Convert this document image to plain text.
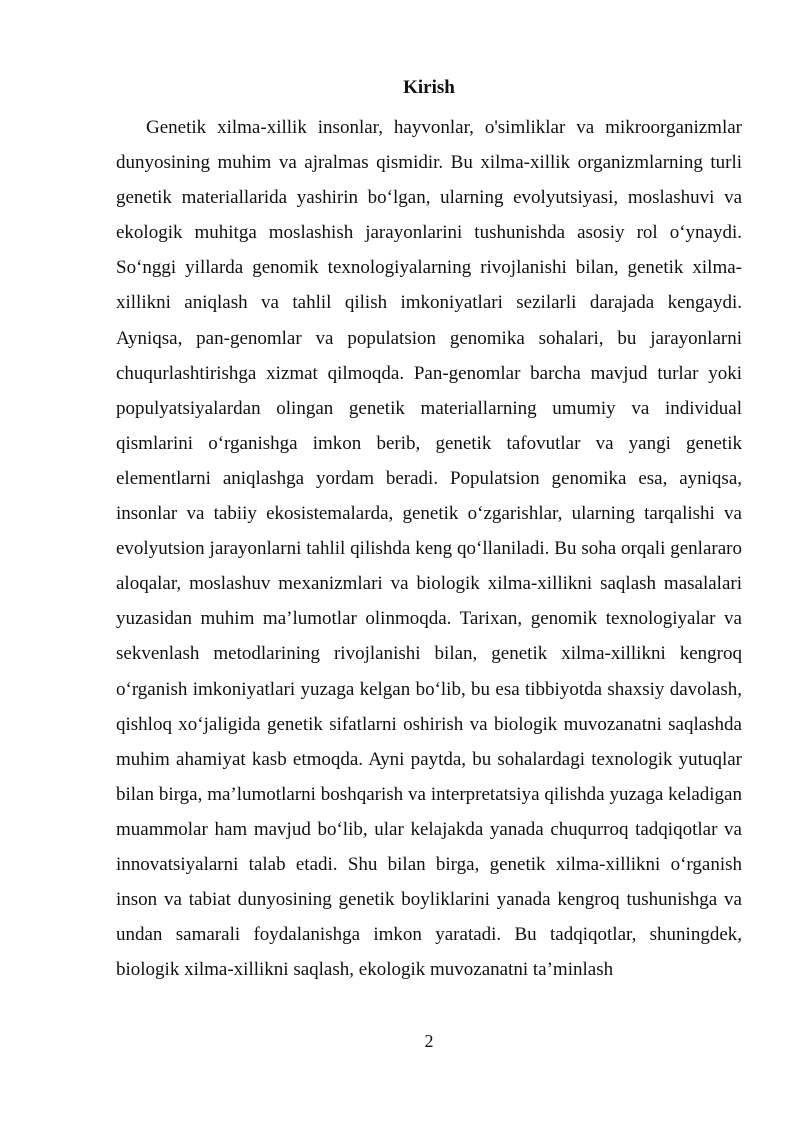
Kirish

Genetik xilma-xillik insonlar, hayvonlar, o'simliklar va mikroorganizmlar dunyosining muhim va ajralmas qismidir. Bu xilma-xillik organizmlarning turli genetik materiallarida yashirin bo‘lgan, ularning evolyutsiyasi, moslashuvi va ekologik muhitga moslashish jarayonlarini tushunishda asosiy rol o‘ynaydi. So‘nggi yillarda genomik texnologiyalarning rivojlanishi bilan, genetik xilma-xillikni aniqlash va tahlil qilish imkoniyatlari sezilarli darajada kengaydi. Ayniqsa, pan-genomlar va populatsion genomika sohalari, bu jarayonlarni chuqurlashtirishga xizmat qilmoqda. Pan-genomlar barcha mavjud turlar yoki populyatsiyalardan olingan genetik materiallarning umumiy va individual qismlarini o‘rganishga imkon berib, genetik tafovutlar va yangi genetik elementlarni aniqlashga yordam beradi. Populatsion genomika esa, ayniqsa, insonlar va tabiiy ekosistemalarda, genetik o‘zgarishlar, ularning tarqalishi va evolyutsion jarayonlarni tahlil qilishda keng qo‘llaniladi. Bu soha orqali genlararo aloqalar, moslashuv mexanizmlari va biologik xilma-xillikni saqlash masalalari yuzasidan muhim ma’lumotlar olinmoqda. Tarixan, genomik texnologiyalar va sekvenlash metodlarining rivojlanishi bilan, genetik xilma-xillikni kengroq o‘rganish imkoniyatlari yuzaga kelgan bo‘lib, bu esa tibbiyotda shaxsiy davolash, qishloq xo‘jaligida genetik sifatlarni oshirish va biologik muvozanatni saqlashda muhim ahamiyat kasb etmoqda. Ayni paytda, bu sohalardagi texnologik yutuqlar bilan birga, ma’lumotlarni boshqarish va interpretatsiya qilishda yuzaga keladigan muammolar ham mavjud bo‘lib, ular kelajakda yanada chuqurroq tadqiqotlar va innovatsiyalarni talab etadi. Shu bilan birga, genetik xilma-xillikni o‘rganish inson va tabiat dunyosining genetik boyliklarini yanada kengroq tushunishga va undan samarali foydalanishga imkon yaratadi. Bu tadqiqotlar, shuningdek, biologik xilma-xillikni saqlash, ekologik muvozanatni ta’minlash

2
